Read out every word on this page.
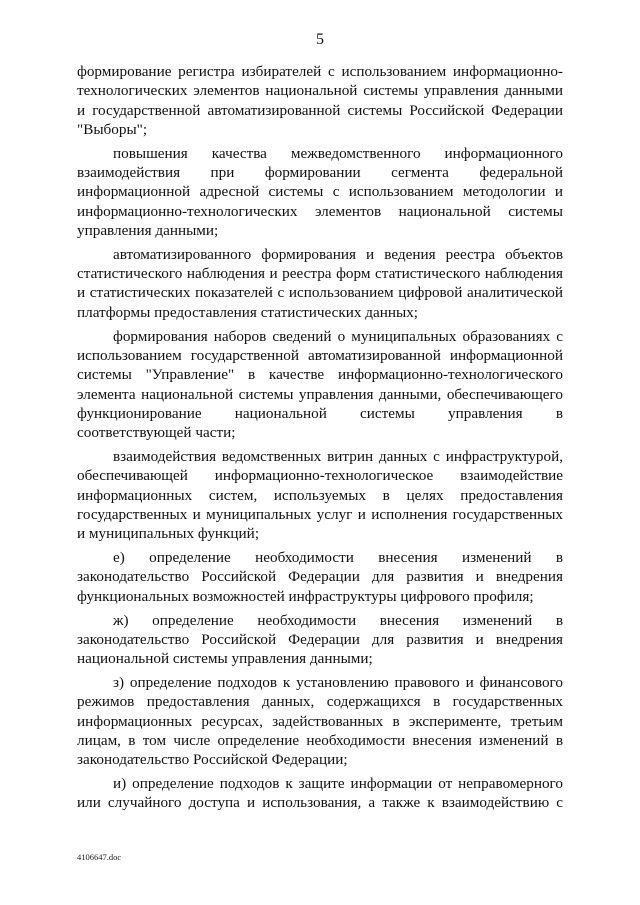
5

формирование регистра избирателей с использованием информационно-технологических элементов национальной системы управления данными и государственной автоматизированной системы Российской Федерации "Выборы";

повышения качества межведомственного информационного взаимодействия при формировании сегмента федеральной информационной адресной системы с использованием методологии и информационно-технологических элементов национальной системы управления данными;

автоматизированного формирования и ведения реестра объектов статистического наблюдения и реестра форм статистического наблюдения и статистических показателей с использованием цифровой аналитической платформы предоставления статистических данных;

формирования наборов сведений о муниципальных образованиях с использованием государственной автоматизированной информационной системы "Управление" в качестве информационно-технологического элемента национальной системы управления данными, обеспечивающего функционирование национальной системы управления в соответствующей части;

взаимодействия ведомственных витрин данных с инфраструктурой, обеспечивающей информационно-технологическое взаимодействие информационных систем, используемых в целях предоставления государственных и муниципальных услуг и исполнения государственных и муниципальных функций;

е) определение необходимости внесения изменений в законодательство Российской Федерации для развития и внедрения функциональных возможностей инфраструктуры цифрового профиля;

ж) определение необходимости внесения изменений в законодательство Российской Федерации для развития и внедрения национальной системы управления данными;

з) определение подходов к установлению правового и финансового режимов предоставления данных, содержащихся в государственных информационных ресурсах, задействованных в эксперименте, третьим лицам, в том числе определение необходимости внесения изменений в законодательство Российской Федерации;

и) определение подходов к защите информации от неправомерного или случайного доступа и использования, а также к взаимодействию с

4106647.doc
